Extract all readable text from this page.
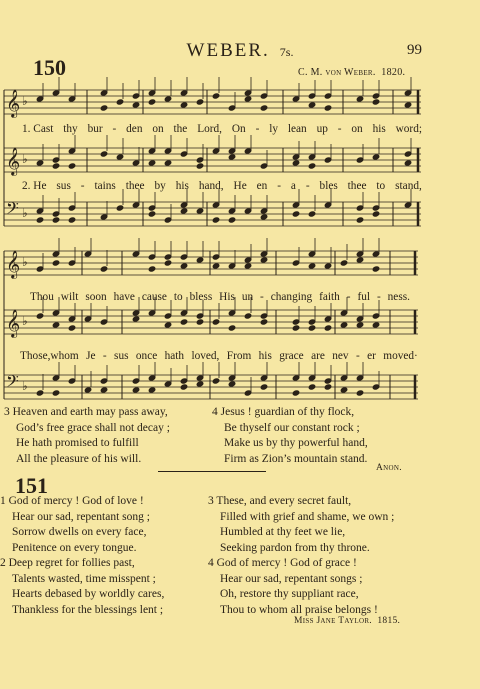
WEBER. 7s.	99
150	C. M. von Weber. 1820.
𝄞 ♭
𝄞 ♭
𝄢 ♭
𝄞 ♭
𝄞 ♭
𝄢 ♭
1. Cast thy bur - den on the Lord, On - ly lean up - on his word;
2. He sus - tains thee by his hand, He en - a - bles thee to stand,
Thou wilt soon have cause to bless His un - changing faith - ful - ness.
Those,whom Je - sus once hath loved, From his grace are nev - er moved·
3 Heaven and earth may pass away,
God’s free grace shall not decay ;
He hath promised to fulfill
All the pleasure of his will.
4 Jesus ! guardian of thy flock,
Be thyself our constant rock ;
Make us by thy powerful hand,
Firm as Zion’s mountain stand.
Anon.
151
1 God of mercy ! God of love !
Hear our sad, repentant song ;
Sorrow dwells on every face,
Penitence on every tongue.
3 These, and every secret fault,
Filled with grief and shame, we own ;
Humbled at thy feet we lie,
Seeking pardon from thy throne.
2 Deep regret for follies past,
Talents wasted, time misspent ;
Hearts debased by worldly cares,
Thankless for the blessings lent ;
4 God of mercy ! God of grace !
Hear our sad, repentant songs ;
Oh, restore thy suppliant race,
Thou to whom all praise belongs !
Miss Jane Taylor. 1815.
